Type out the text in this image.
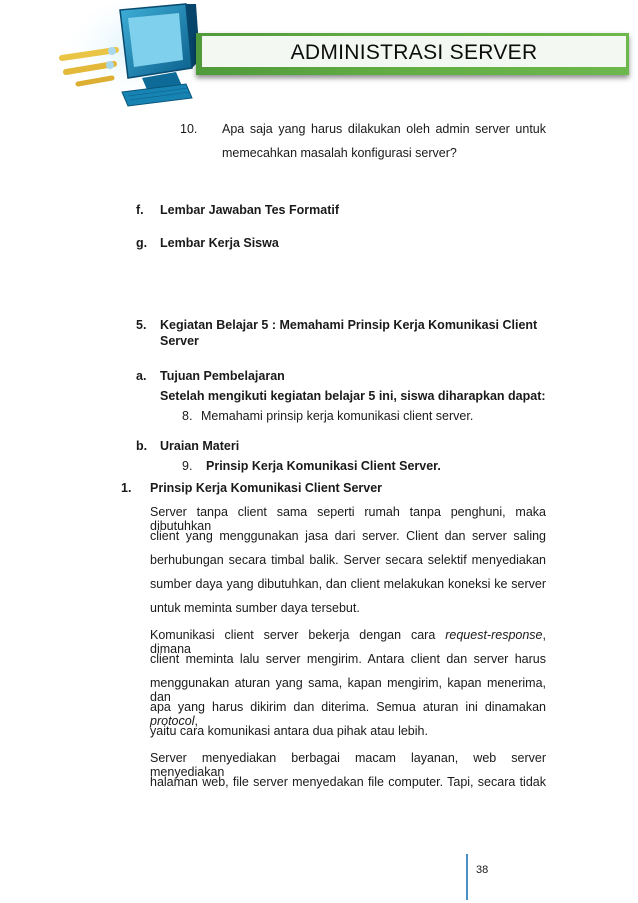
ADMINISTRASI SERVER
10. Apa saja yang harus dilakukan oleh admin server untuk
memecahkan masalah konfigurasi server?
f. Lembar Jawaban Tes Formatif
g. Lembar Kerja Siswa
5. Kegiatan Belajar 5 : Memahami Prinsip Kerja Komunikasi Client
Server
a. Tujuan Pembelajaran
Setelah mengikuti kegiatan belajar 5 ini, siswa diharapkan dapat:
8. Memahami prinsip kerja komunikasi client server.
b. Uraian Materi
9. Prinsip Kerja Komunikasi Client Server.
1. Prinsip Kerja Komunikasi Client Server
Server tanpa client sama seperti rumah tanpa penghuni, maka dibutuhkan
client yang menggunakan jasa dari server. Client dan server saling
berhubungan secara timbal balik. Server secara selektif menyediakan
sumber daya yang dibutuhkan, dan client melakukan koneksi ke server
untuk meminta sumber daya tersebut.
Komunikasi client server bekerja dengan cara request-response, dimana
client meminta lalu server mengirim. Antara client dan server harus
menggunakan aturan yang sama, kapan mengirim, kapan menerima, dan
apa yang harus dikirim dan diterima. Semua aturan ini dinamakan protocol,
yaitu cara komunikasi antara dua pihak atau lebih.
Server menyediakan berbagai macam layanan, web server menyediakan
halaman web, file server menyedakan file computer. Tapi, secara tidak
38
